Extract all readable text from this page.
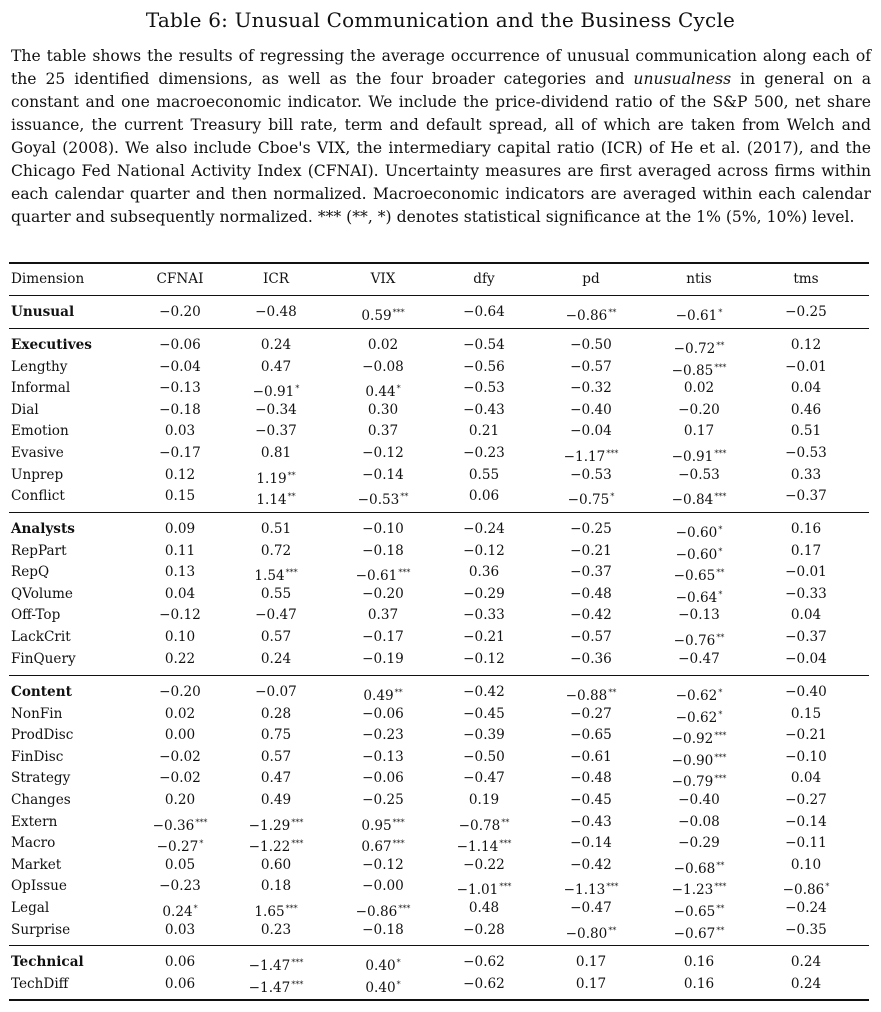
Table 6: Unusual Communication and the Business Cycle
The table shows the results of regressing the average occurrence of unusual communication along each of the 25 identified dimensions, as well as the four broader categories and unusualness in general on a constant and one macroeconomic indicator. We include the price-dividend ratio of the S&P 500, net share issuance, the current Treasury bill rate, term and default spread, all of which are taken from Welch and Goyal (2008). We also include Cboe's VIX, the intermediary capital ratio (ICR) of He et al. (2017), and the Chicago Fed National Activity Index (CFNAI). Uncertainty measures are first averaged across firms within each calendar quarter and then normalized. Macroeconomic indicators are averaged within each calendar quarter and subsequently normalized. *** (**, *) denotes statistical significance at the 1% (5%, 10%) level.
Dimension	CFNAI	ICR	VIX	dfy	pd	ntis	tms
Unusual	−0.20	−0.48	0.59***	−0.64	−0.86**	−0.61*	−0.25
Executives	−0.06	0.24	0.02	−0.54	−0.50	−0.72**	0.12
Lengthy	−0.04	0.47	−0.08	−0.56	−0.57	−0.85***	−0.01
Informal	−0.13	−0.91*	0.44*	−0.53	−0.32	0.02	0.04
Dial	−0.18	−0.34	0.30	−0.43	−0.40	−0.20	0.46
Emotion	0.03	−0.37	0.37	0.21	−0.04	0.17	0.51
Evasive	−0.17	0.81	−0.12	−0.23	−1.17***	−0.91***	−0.53
Unprep	0.12	1.19**	−0.14	0.55	−0.53	−0.53	0.33
Conflict	0.15	1.14**	−0.53**	0.06	−0.75*	−0.84***	−0.37
Analysts	0.09	0.51	−0.10	−0.24	−0.25	−0.60*	0.16
RepPart	0.11	0.72	−0.18	−0.12	−0.21	−0.60*	0.17
RepQ	0.13	1.54***	−0.61***	0.36	−0.37	−0.65**	−0.01
QVolume	0.04	0.55	−0.20	−0.29	−0.48	−0.64*	−0.33
Off-Top	−0.12	−0.47	0.37	−0.33	−0.42	−0.13	0.04
LackCrit	0.10	0.57	−0.17	−0.21	−0.57	−0.76**	−0.37
FinQuery	0.22	0.24	−0.19	−0.12	−0.36	−0.47	−0.04
Content	−0.20	−0.07	0.49**	−0.42	−0.88**	−0.62*	−0.40
NonFin	0.02	0.28	−0.06	−0.45	−0.27	−0.62*	0.15
ProdDisc	0.00	0.75	−0.23	−0.39	−0.65	−0.92***	−0.21
FinDisc	−0.02	0.57	−0.13	−0.50	−0.61	−0.90***	−0.10
Strategy	−0.02	0.47	−0.06	−0.47	−0.48	−0.79***	0.04
Changes	0.20	0.49	−0.25	0.19	−0.45	−0.40	−0.27
Extern	−0.36***	−1.29***	0.95***	−0.78**	−0.43	−0.08	−0.14
Macro	−0.27*	−1.22***	0.67***	−1.14***	−0.14	−0.29	−0.11
Market	0.05	0.60	−0.12	−0.22	−0.42	−0.68**	0.10
OpIssue	−0.23	0.18	−0.00	−1.01***	−1.13***	−1.23***	−0.86*
Legal	0.24*	1.65***	−0.86***	0.48	−0.47	−0.65**	−0.24
Surprise	0.03	0.23	−0.18	−0.28	−0.80**	−0.67**	−0.35
Technical	0.06	−1.47***	0.40*	−0.62	0.17	0.16	0.24
TechDiff	0.06	−1.47***	0.40*	−0.62	0.17	0.16	0.24
